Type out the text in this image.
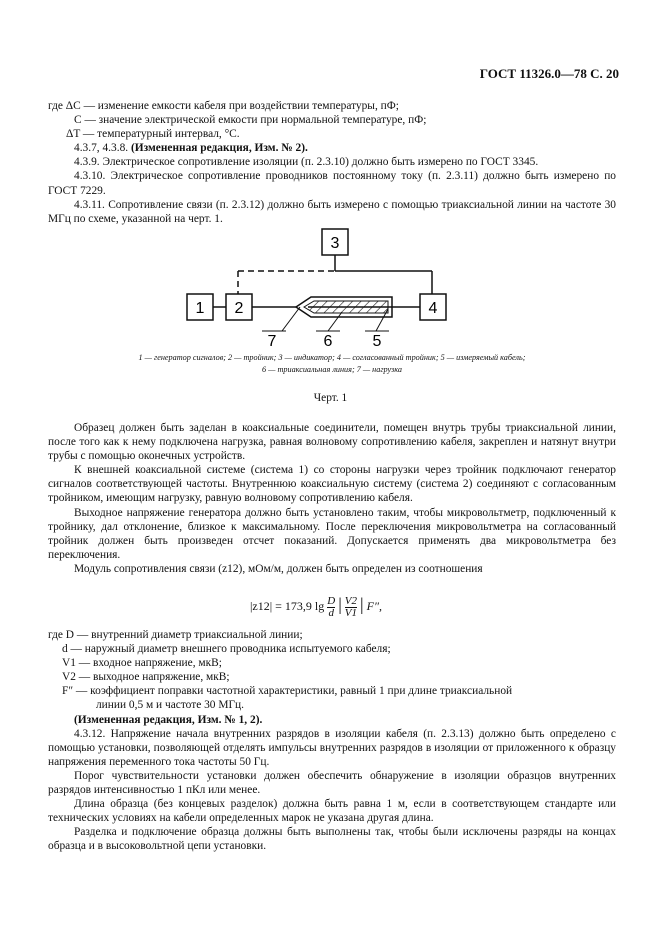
ГОСТ 11326.0—78 С. 20

где ΔC — изменение емкости кабеля при воздействии температуры, пФ;

C — значение электрической емкости при нормальной температуре, пФ;

ΔT — температурный интервал, °С.

4.3.7, 4.3.8. (Измененная редакция, Изм. № 2).

4.3.9. Электрическое сопротивление изоляции (п. 2.3.10) должно быть измерено по ГОСТ 3345.

4.3.10. Электрическое сопротивление проводников постоянному току (п. 2.3.11) должно быть измерено по ГОСТ 7229.

4.3.11. Сопротивление связи (п. 2.3.12) должно быть измерено с помощью триаксиальной линии на частоте 30 МГц по схеме, указанной на черт. 1.

3
1 2	4
7	6	5
1 — генератор сигналов; 2 — тройник; 3 — индикатор; 4 — согласованный тройник; 5 — измеряемый кабель;
6 — триаксиальная линия; 7 — нагрузка
Черт. 1

Образец должен быть заделан в коаксиальные соединители, помещен внутрь трубы триаксиальной линии, после того как к нему подключена нагрузка, равная волновому сопротивлению кабеля, закреплен и натянут внутри трубы с помощью оконечных устройств.

К внешней коаксиальной системе (система 1) со стороны нагрузки через тройник подключают генератор сигналов соответствующей частоты. Внутреннюю коаксиальную систему (система 2) соединяют с согласованным тройником, имеющим нагрузку, равную волновому сопротивлению кабеля.

Выходное напряжение генератора должно быть установлено таким, чтобы микровольтметр, подключенный к тройнику, дал отклонение, близкое к максимальному. После переключения микровольтметра на согласованный тройник должен быть произведен отсчет показаний. Допускается применять два микровольтметра без переключения.

Модуль сопротивления связи (z12), мОм/м, должен быть определен из соотношения

|z12| = 173,9 $\lg \frac{D}{d}$ | $\frac{V2}{V1}$ | F″,

где D — внутренний диаметр триаксиальной линии;

d — наружный диаметр внешнего проводника испытуемого кабеля;

V1 — входное напряжение, мкВ;

V2 — выходное напряжение, мкВ;

F″ — коэффициент поправки частотной характеристики, равный 1 при длине триаксиальной

линии 0,5 м и частоте 30 МГц.

(Измененная редакция, Изм. № 1, 2).

4.3.12. Напряжение начала внутренних разрядов в изоляции кабеля (п. 2.3.13) должно быть определено с помощью установки, позволяющей отделять импульсы внутренних разрядов в изоляции от приложенного к образцу напряжения переменного тока частоты 50 Гц.

Порог чувствительности установки должен обеспечить обнаружение в изоляции образцов внутренних разрядов интенсивностью 1 пКл или менее.

Длина образца (без концевых разделок) должна быть равна 1 м, если в соответствующем стандарте или технических условиях на кабели определенных марок не указана другая длина.

Разделка и подключение образца должны быть выполнены так, чтобы были исключены разряды на концах образца и в высоковольтной цепи установки.
